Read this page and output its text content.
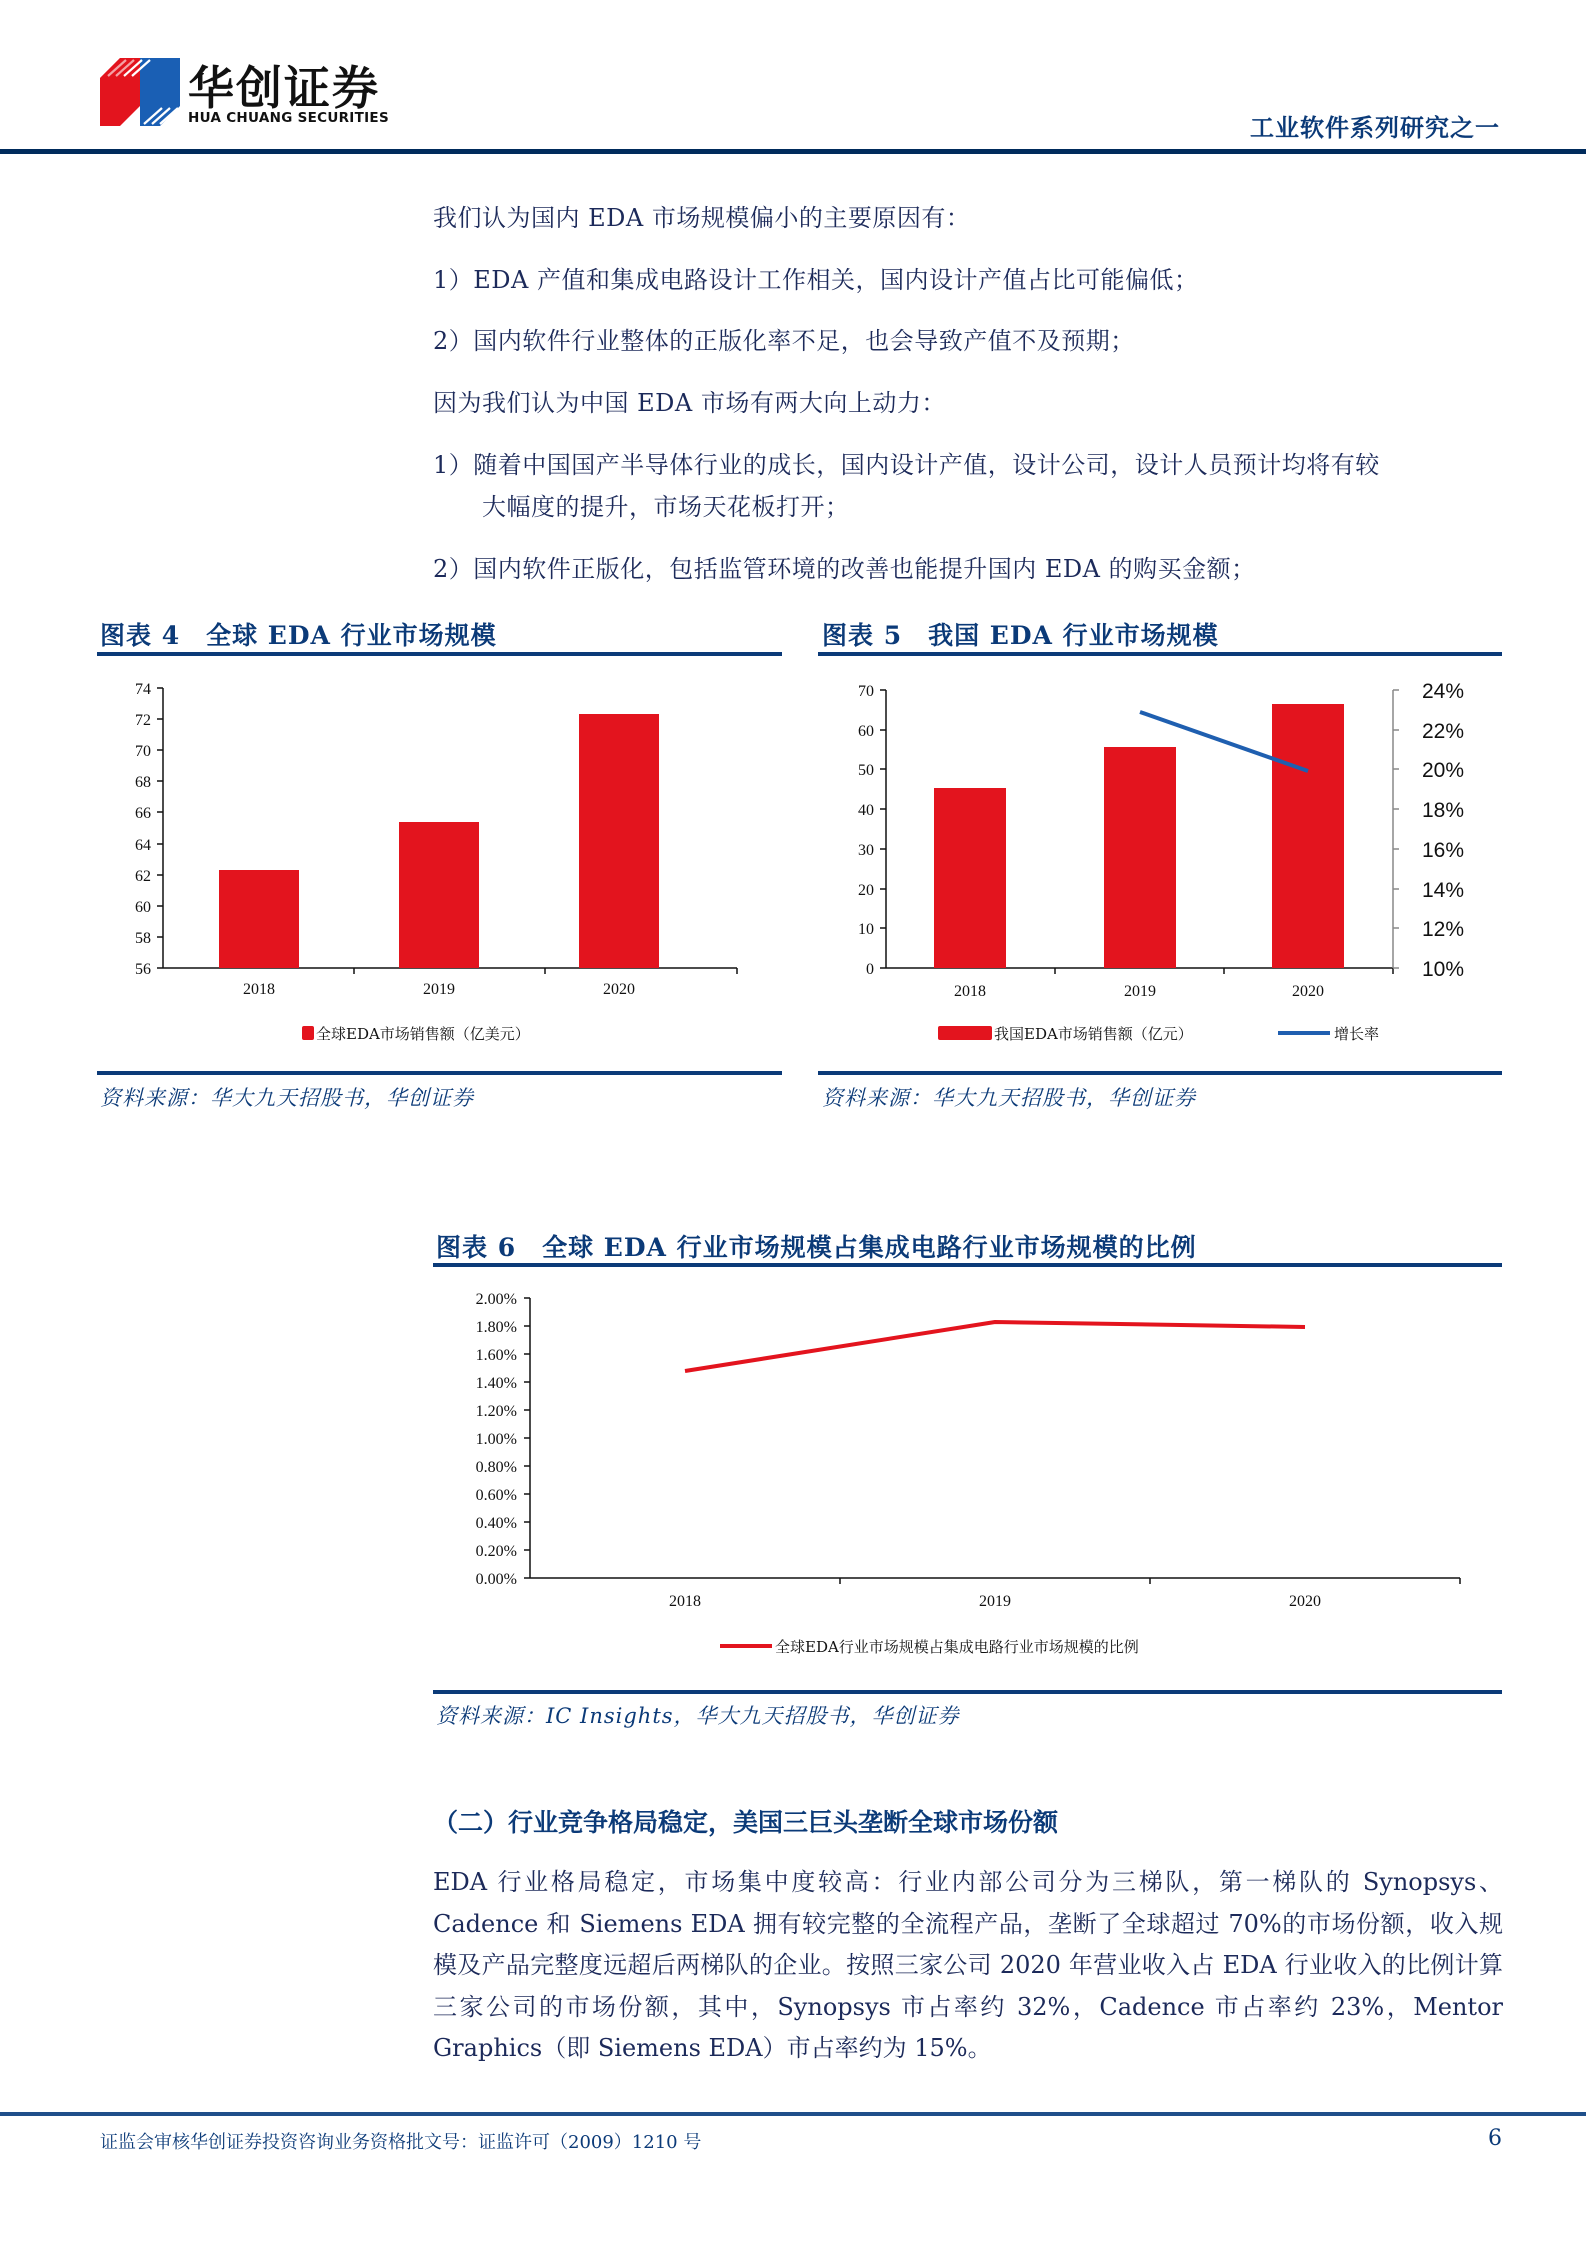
华创证券
HUA CHUANG SECURITIES	工业软件系列研究之一
我们认为国内 EDA 市场规模偏小的主要原因有：
1）EDA 产值和集成电路设计工作相关，国内设计产值占比可能偏低；
2）国内软件行业整体的正版化率不足，也会导致产值不及预期；
因为我们认为中国 EDA 市场有两大向上动力：
1）随着中国国产半导体行业的成长，国内设计产值，设计公司，设计人员预计均将有较
大幅度的提升，市场天花板打开；
2）国内软件正版化，包括监管环境的改善也能提升国内 EDA 的购买金额；
图表 4　全球 EDA 行业市场规模
74
72
70
68
66
64
62
60
58
56
2018	2019	2020
全球EDA市场销售额（亿美元）
资料来源：华大九天招股书，华创证券
图表 5　我国 EDA 行业市场规模
70
60
50
40
30
20
10
0
24%
22%
20%
18%
16%
14%
12%
10%
2018	2019	2020
我国EDA市场销售额（亿元）	增长率
资料来源：华大九天招股书，华创证券
图表 6　全球 EDA 行业市场规模占集成电路行业市场规模的比例
2.00%
1.80%
1.60%
1.40%
1.20%
1.00%
0.80%
0.60%
0.40%
0.20%
0.00%
2018	2019	2020
全球EDA行业市场规模占集成电路行业市场规模的比例
资料来源：IC Insights，华大九天招股书，华创证券
（二）行业竞争格局稳定，美国三巨头垄断全球市场份额
EDA 行业格局稳定，市场集中度较高：行业内部公司分为三梯队，第一梯队的 Synopsys、Cadence 和 Siemens EDA 拥有较完整的全流程产品，垄断了全球超过 70%的市场份额，收入规模及产品完整度远超后两梯队的企业。按照三家公司 2020 年营业收入占 EDA 行业收入的比例计算三家公司的市场份额，其中，Synopsys 市占率约 32%，Cadence 市占率约 23%，Mentor Graphics（即 Siemens EDA）市占率约为 15%。
证监会审核华创证券投资咨询业务资格批文号：证监许可（2009）1210 号	6
